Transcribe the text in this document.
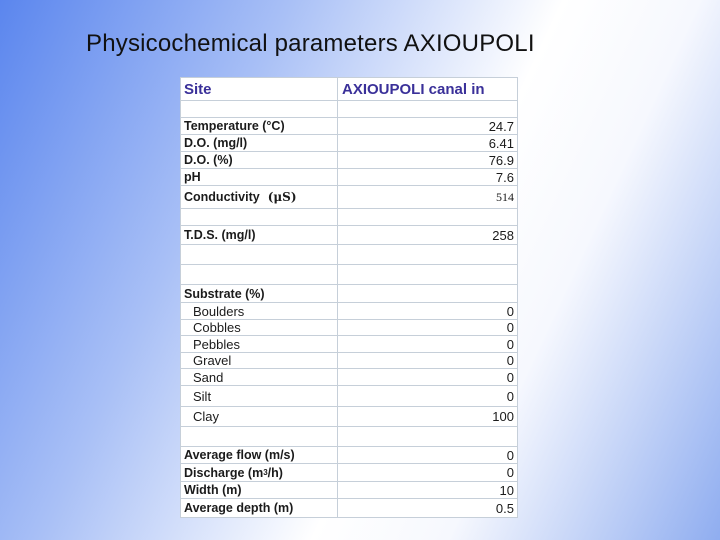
Physicochemical parameters AXIOUPOLI
Site	AXIOUPOLI canal in
Temperature (°C)	24.7
D.O. (mg/l)	6.41
D.O. (%)	76.9
pH	7.6
Conductivity (μS)	514
T.D.S. (mg/l)	258
Substrate (%)
Boulders	0
Cobbles	0
Pebbles	0
Gravel	0
Sand	0
Silt	0
Clay	100
Average flow (m/s)	0
Discharge (m 3 /h)	0
Width (m)	10
Average depth (m)	0.5
